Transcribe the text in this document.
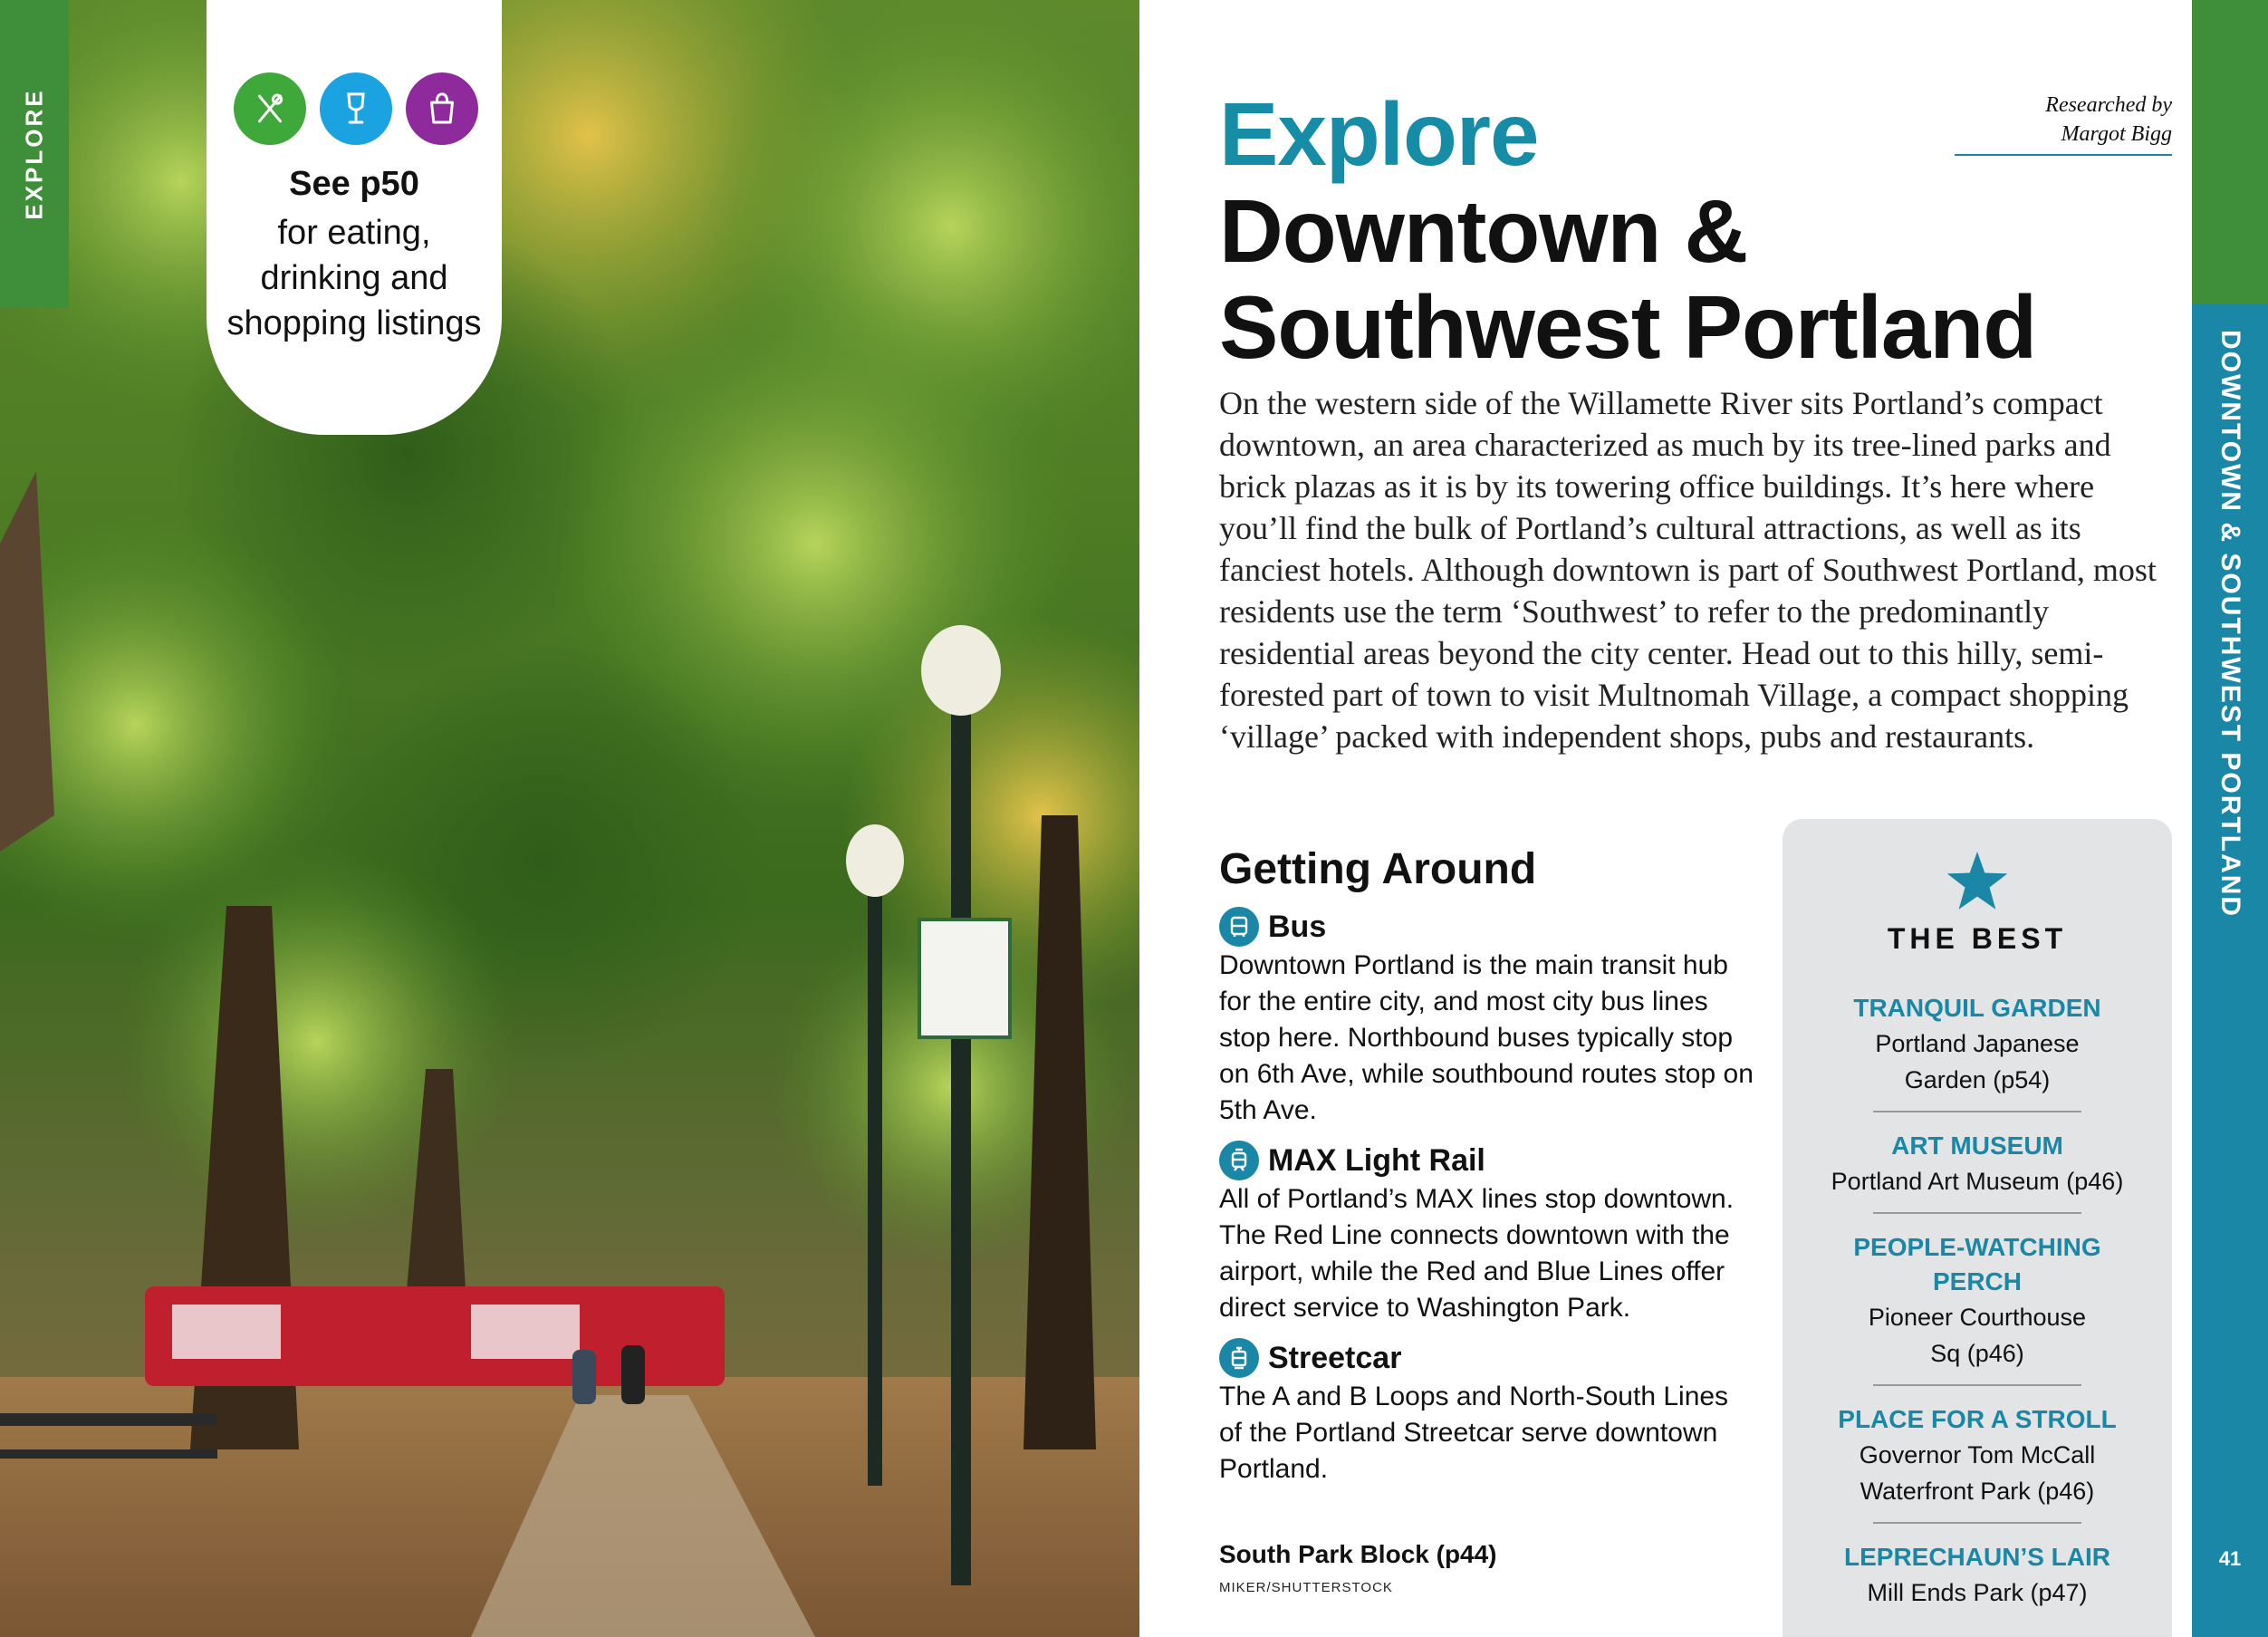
EXPLORE	See p50
for eating, drinking and shopping listings
Researched by
Margot Bigg
Explore
Downtown & Southwest Portland
On the western side of the Willamette River sits Portland’s compact downtown, an area characterized as much by its tree-lined parks and brick plazas as it is by its towering office buildings. It’s here where you’ll find the bulk of Portland’s cultural attractions, as well as its fanciest hotels. Although downtown is part of Southwest Portland, most residents use the term ‘Southwest’ to refer to the predominantly residential areas beyond the city center. Head out to this hilly, semi-forested part of town to visit Multnomah Village, a compact shopping ‘village’ packed with independent shops, pubs and restaurants.
Getting Around
Bus
Downtown Portland is the main transit hub for the entire city, and most city bus lines stop here. Northbound buses typically stop on 6th Ave, while southbound routes stop on 5th Ave.
MAX Light Rail
All of Portland’s MAX lines stop downtown. The Red Line connects downtown with the airport, while the Red and Blue Lines offer direct service to Washington Park.
Streetcar
The A and B Loops and North-South Lines of the Portland Streetcar serve downtown Portland.
South Park Block (p44)
MIKER/SHUTTERSTOCK
THE BEST
TRANQUIL GARDEN
Portland Japanese Garden (p54)
ART MUSEUM
Portland Art Museum (p46)
PEOPLE-WATCHING PERCH
Pioneer Courthouse Sq (p46)
PLACE FOR A STROLL
Governor Tom McCall Waterfront Park (p46)
LEPRECHAUN’S LAIR
Mill Ends Park (p47)
EXPLORE
DOWNTOWN & SOUTHWEST PORTLAND
41
